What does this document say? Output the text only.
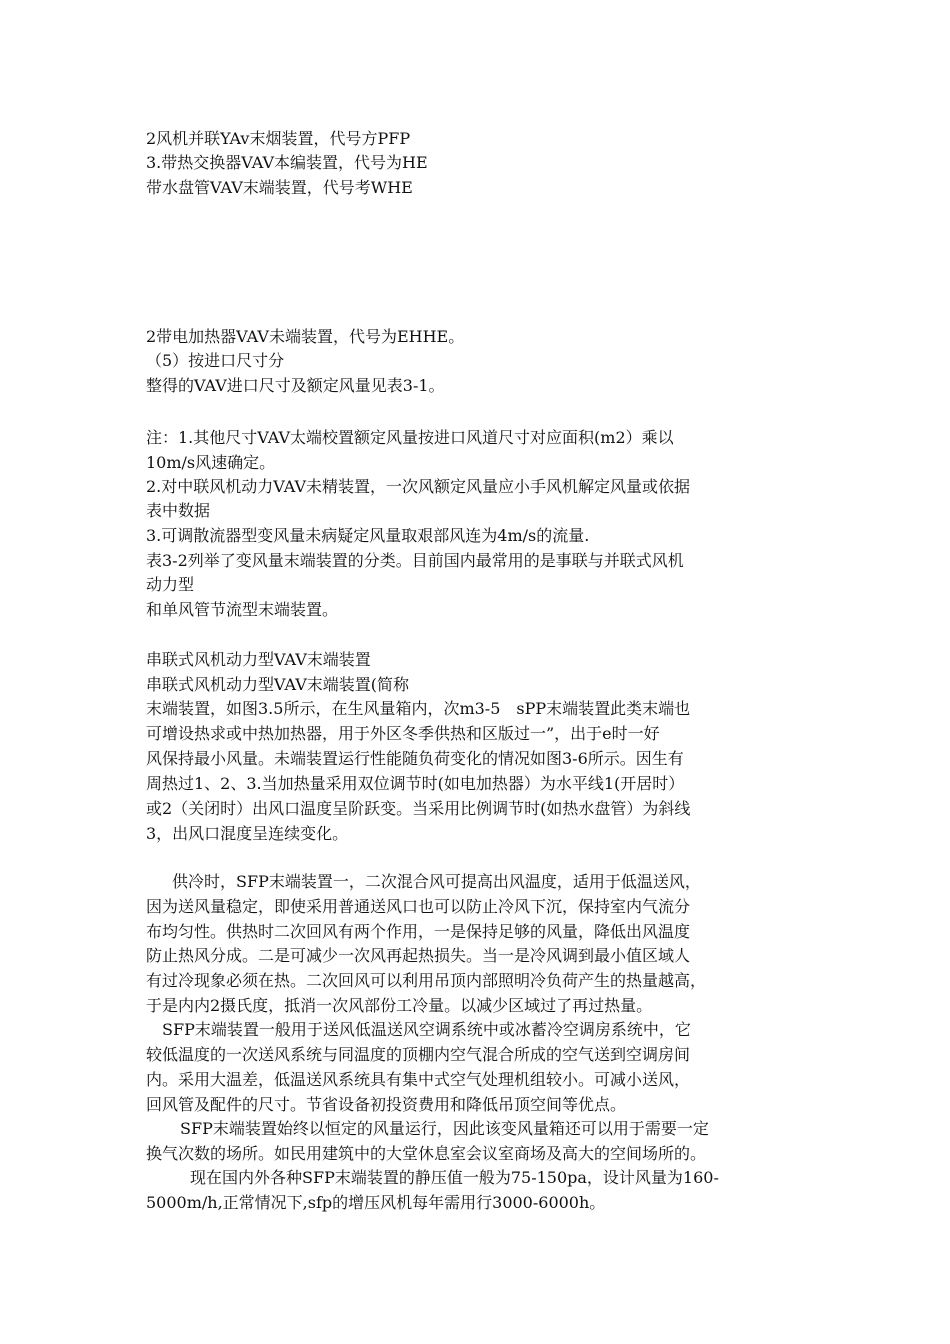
2风机并联YAv末烟装置，代号方PFP
3.带热交换器VAV本编装置，代号为HE
带水盘管VAV末端装置，代号考WHE
2带电加热器VAV未端装置，代号为EHHE。
（5）按进口尺寸分
整得的VAV进口尺寸及额定风量见表3-1。
注：1.其他尺寸VAV太端校置额定风量按进口风道尺寸对应面积(m2）乘以
10m/s风速确定。
2.对中联风机动力VAV未精装置，一次风额定风量应小手风机解定风量或依据
表中数据
3.可调散流器型变风量未病疑定风量取艰部风连为4m/s的流量.
表3-2列举了变风量末端装置的分类。目前国内最常用的是事联与并联式风机
动力型
和单风管节流型末端装置。
串联式风机动力型VAV末端装置
串联式风机动力型VAV末端装置(简称
末端装置，如图3.5所示，在生风量箱内，次m3-5　sPP末端装置此类末端也
可增设热求或中热加热器，用于外区冬季供热和区版过一”，出于e时一好
风保持最小风量。未端装置运行性能随负荷变化的情况如图3-6所示。因生有
周热过1、2、3.当加热量采用双位调节时(如电加热器）为水平线1(开居时）
或2（关闭时）出风口温度呈阶跃变。当采用比例调节时(如热水盘管）为斜线
3，出风口混度呈连续变化。
供冷时，SFP末端装置一，二次混合风可提高出风温度，适用于低温送风，
因为送风量稳定，即使采用普通送风口也可以防止冷风下沉，保持室内气流分
布均匀性。供热时二次回风有两个作用，一是保持足够的风量，降低出风温度
防止热风分成。二是可减少一次风再起热损失。当一是冷风调到最小值区域人
有过冷现象必须在热。二次回风可以利用吊顶内部照明冷负荷产生的热量越高，
于是内内2摄氏度，抵消一次风部份工冷量。以减少区域过了再过热量。
SFP末端装置一般用于送风低温送风空调系统中或冰蓄冷空调房系统中，它
较低温度的一次送风系统与同温度的顶棚内空气混合所成的空气送到空调房间
内。采用大温差，低温送风系统具有集中式空气处理机组较小。可减小送风，
回风管及配件的尺寸。节省设备初投资费用和降低吊顶空间等优点。
SFP末端装置始终以恒定的风量运行，因此该变风量箱还可以用于需要一定
换气次数的场所。如民用建筑中的大堂休息室会议室商场及高大的空间场所的。
现在国内外各种SFP末端装置的静压值一般为75-150pa，设计风量为160-
5000m/h,正常情况下,sfp的增压风机每年需用行3000-6000h。
